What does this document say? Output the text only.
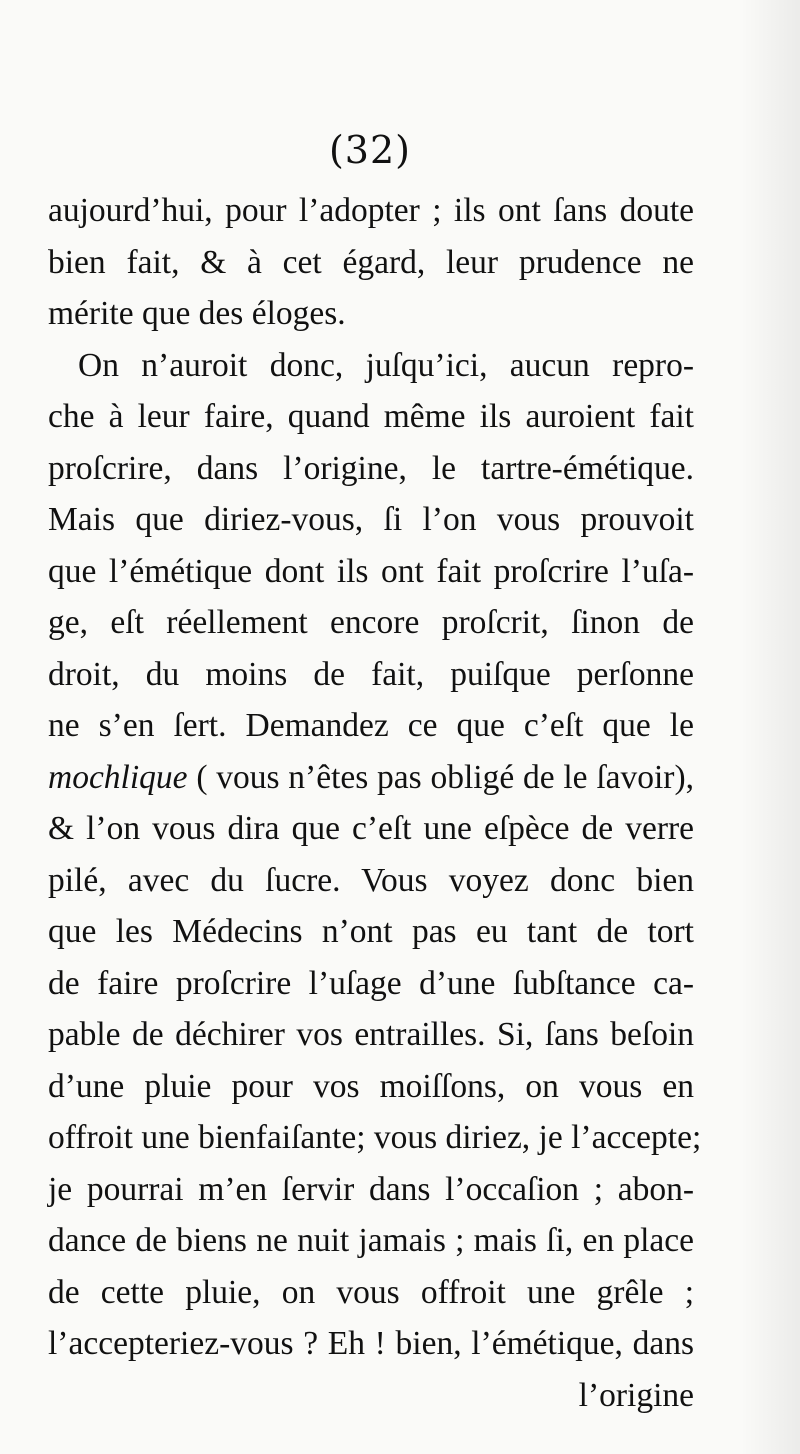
(32)
aujourd’hui, pour l’adopter ; ils ont ſans doute
bien fait, & à cet égard, leur prudence ne
mérite que des éloges.
On n’auroit donc, juſqu’ici, aucun repro-
che à leur faire, quand même ils auroient fait
proſcrire, dans l’origine, le tartre-émétique.
Mais que diriez-vous, ſi l’on vous prouvoit
que l’émétique dont ils ont fait proſcrire l’uſa-
ge, eſt réellement encore proſcrit, ſinon de
droit, du moins de fait, puiſque perſonne
ne s’en ſert. Demandez ce que c’eſt que le
mochlique ( vous n’êtes pas obligé de le ſavoir),
& l’on vous dira que c’eſt une eſpèce de verre
pilé, avec du ſucre. Vous voyez donc bien
que les Médecins n’ont pas eu tant de tort
de faire proſcrire l’uſage d’une ſubſtance ca-
pable de déchirer vos entrailles. Si, ſans beſoin
d’une pluie pour vos moiſſons, on vous en
offroit une bienfaiſante; vous diriez, je l’accepte;
je pourrai m’en ſervir dans l’occaſion ; abon-
dance de biens ne nuit jamais ; mais ſi, en place
de cette pluie, on vous offroit une grêle ;
l’accepteriez-vous ? Eh ! bien, l’émétique, dans
l’origine
